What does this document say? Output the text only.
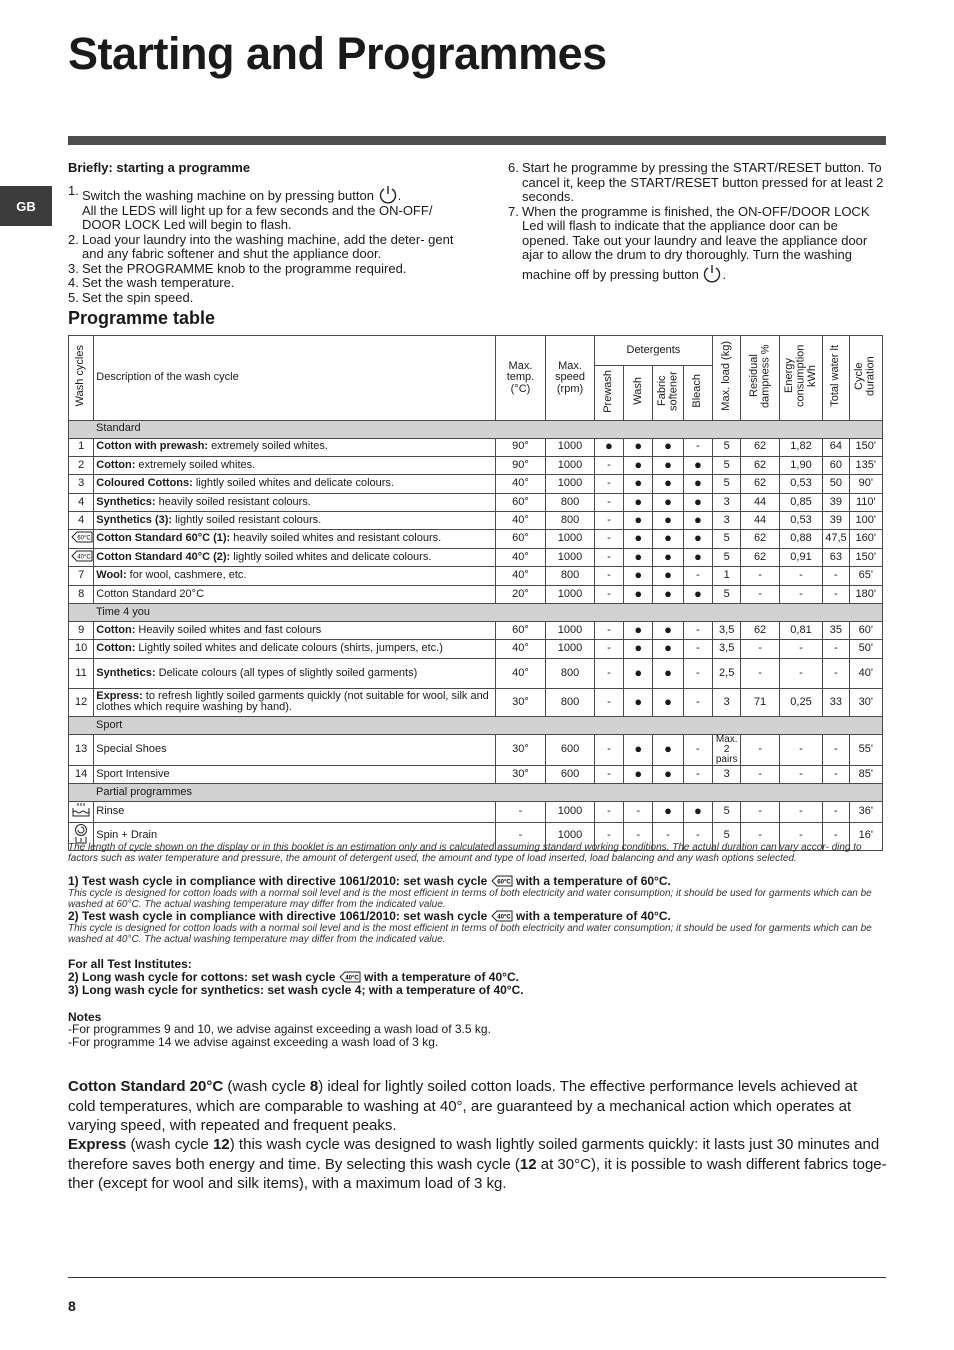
Starting and Programmes
GB
Briefly: starting a programme
1. Switch the washing machine on by pressing button .
All the LEDS will light up for a few seconds and the ON-OFF/ DOOR LOCK Led will begin to flash.
2. Load your laundry into the washing machine, add the deter- gent and any fabric softener and shut the appliance door.
3. Set the PROGRAMME knob to the programme required.
4. Set the wash temperature.
5. Set the spin speed.
6. Start he programme by pressing the START/RESET button. To cancel it, keep the START/RESET button pressed for at least 2 seconds.
7. When the programme is finished, the ON-OFF/DOOR LOCK Led will flash to indicate that the appliance door can be opened. Take out your laundry and leave the appliance door ajar to allow the drum to dry thoroughly. Turn the washing machine off by pressing button .
Programme table
Wash cycles	Description of the wash cycle	Max. temp. (°C)	Max. speed (rpm)	Detergents				Max. load (kg)	Residual dampness %	Energy consumption kWh	Total water lt	Cycle duration
				Prewash	Wash	Fabric softener	Bleach					
Standard												
1	Cotton with prewash: extremely soiled whites.	90°	1000	●	●	●	-	5	62	1,82	64	150'
2	Cotton: extremely soiled whites.	90°	1000	-	●	●	●	5	62	1,90	60	135'
3	Coloured Cottons: lightly soiled whites and delicate colours.	40°	1000	-	●	●	●	5	62	0,53	50	90'
4	Synthetics: heavily soiled resistant colours.	60°	800	-	●	●	●	3	44	0,85	39	110'
4	Synthetics (3): lightly soiled resistant colours.	40°	800	-	●	●	●	3	44	0,53	39	100'

60°C	Cotton Standard 60°C (1): heavily soiled whites and resistant colours.	60°	1000	-	●	●	●	5	62	0,88	47,5	160'

40°C	Cotton Standard 40°C (2): lightly soiled whites and delicate colours.	40°	1000	-	●	●	●	5	62	0,91	63	150'
7	Wool: for wool, cashmere, etc.	40°	800	-	●	●	-	1	-	-	-	65'
8	Cotton Standard 20°C	20°	1000	-	●	●	●	5	-	-	-	180'
Time 4 you												
9	Cotton: Heavily soiled whites and fast colours	60°	1000	-	●	●	-	3,5	62	0,81	35	60'
10	Cotton: Lightly soiled whites and delicate colours (shirts, jumpers, etc.)	40°	1000	-	●	●	-	3,5	-	-	-	50'
11	Synthetics: Delicate colours (all types of slightly soiled garments)	40°	800	-	●	●	-	2,5	-	-	-	40'
12	Express: to refresh lightly soiled garments quickly (not suitable for wool, silk and clothes which require washing by hand).	30°	800	-	●	●	-	3	71	0,25	33	30'
Sport												
13	Special Shoes	30°	600	-	●	●	-	Max. 2 pairs	-	-	-	55'
14	Sport Intensive	30°	600	-	●	●	-	3	-	-	-	85'
Partial programmes												
	Rinse	-	1000	-	-	●	●	5	-	-	-	36'
	Spin + Drain	-	1000	-	-	-	-	5	-	-	-	16'
The length of cycle shown on the display or in this booklet is an estimation only and is calculated assuming standard working conditions. The actual duration can vary accor- ding to factors such as water temperature and pressure, the amount of detergent used, the amount and type of load inserted, load balancing and any wash options selected.
1) Test wash cycle in compliance with directive 1061/2010: set wash cycle 60°C with a temperature of 60°C.
This cycle is designed for cotton loads with a normal soil level and is the most efficient in terms of both electricity and water consumption; it should be used for garments which can be washed at 60°C. The actual washing temperature may differ from the indicated value.
2) Test wash cycle in compliance with directive 1061/2010: set wash cycle 40°C with a temperature of 40°C.
This cycle is designed for cotton loads with a normal soil level and is the most efficient in terms of both electricity and water consumption; it should be used for garments which can be washed at 40°C. The actual washing temperature may differ from the indicated value.
For all Test Institutes:
2) Long wash cycle for cottons: set wash cycle 40°C with a temperature of 40°C.
3) Long wash cycle for synthetics: set wash cycle 4; with a temperature of 40°C.
Notes
-For programmes 9 and 10, we advise against exceeding a wash load of 3.5 kg.
-For programme 14 we advise against exceeding a wash load of 3 kg.
Cotton Standard 20°C (wash cycle 8) ideal for lightly soiled cotton loads. The effective performance levels achieved at cold temperatures, which are comparable to washing at 40°, are guaranteed by a mechanical action which operates at varying speed, with repeated and frequent peaks.
Express (wash cycle 12) this wash cycle was designed to wash lightly soiled garments quickly: it lasts just 30 minutes and therefore saves both energy and time. By selecting this wash cycle (12 at 30°C), it is possible to wash different fabrics toge- ther (except for wool and silk items), with a maximum load of 3 kg.
8
